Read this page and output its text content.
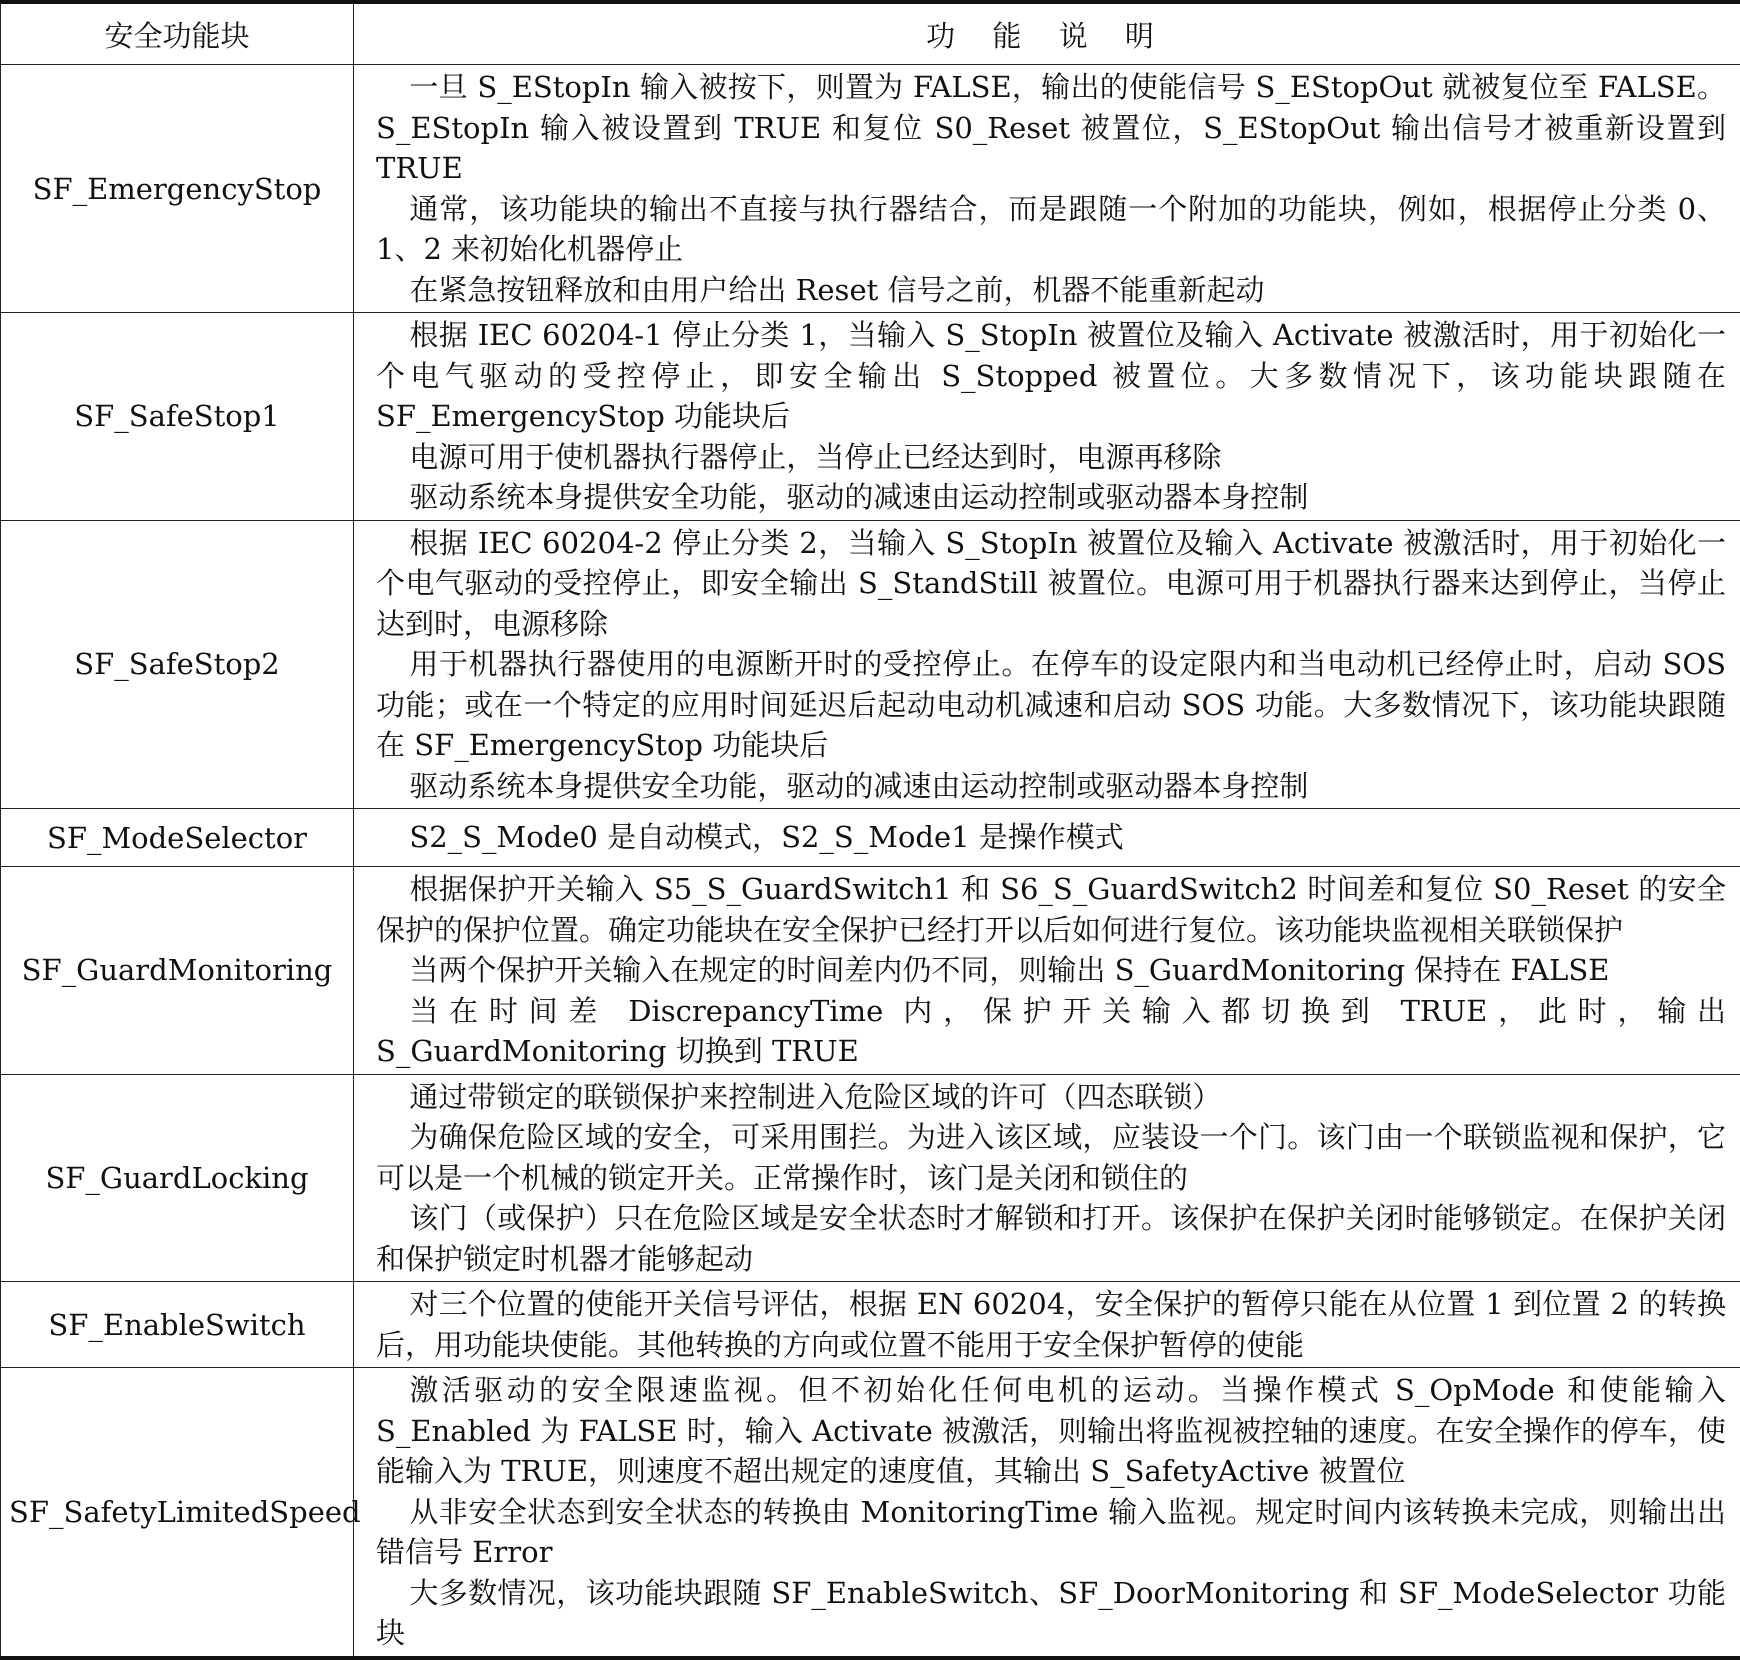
安全功能块	功 能 说 明
SF_EmergencyStop	一旦 S_EStopIn 输入被按下，则置为 FALSE，输出的使能信号 S_EStopOut 就被复位至 FALSE。S_EStopIn 输入被设置到 TRUE 和复位 S0_Reset 被置位，S_EStopOut 输出信号才被重新设置到 TRUE

通常，该功能块的输出不直接与执行器结合，而是跟随一个附加的功能块，例如，根据停止分类 0、1、2 来初始化机器停止

在紧急按钮释放和由用户给出 Reset 信号之前，机器不能重新起动

SF_SafeStop1	根据 IEC 60204-1 停止分类 1，当输入 S_StopIn 被置位及输入 Activate 被激活时，用于初始化一个电气驱动的受控停止，即安全输出 S_Stopped 被置位。大多数情况下，该功能块跟随在 SF_EmergencyStop 功能块后

电源可用于使机器执行器停止，当停止已经达到时，电源再移除

驱动系统本身提供安全功能，驱动的减速由运动控制或驱动器本身控制

SF_SafeStop2	根据 IEC 60204-2 停止分类 2，当输入 S_StopIn 被置位及输入 Activate 被激活时，用于初始化一个电气驱动的受控停止，即安全输出 S_StandStill 被置位。电源可用于机器执行器来达到停止，当停止达到时，电源移除

用于机器执行器使用的电源断开时的受控停止。在停车的设定限内和当电动机已经停止时，启动 SOS 功能；或在一个特定的应用时间延迟后起动电动机减速和启动 SOS 功能。大多数情况下，该功能块跟随在 SF_EmergencyStop 功能块后

驱动系统本身提供安全功能，驱动的减速由运动控制或驱动器本身控制

SF_ModeSelector	S2_S_Mode0 是自动模式，S2_S_Mode1 是操作模式

SF_GuardMonitoring	根据保护开关输入 S5_S_GuardSwitch1 和 S6_S_GuardSwitch2 时间差和复位 S0_Reset 的安全保护的保护位置。确定功能块在安全保护已经打开以后如何进行复位。该功能块监视相关联锁保护

当两个保护开关输入在规定的时间差内仍不同，则输出 S_GuardMonitoring 保持在 FALSE

当在时间差 DiscrepancyTime 内，保护开关输入都切换到 TRUE，此时，输出 S_GuardMonitoring 切换到 TRUE

SF_GuardLocking	通过带锁定的联锁保护来控制进入危险区域的许可（四态联锁）

为确保危险区域的安全，可采用围拦。为进入该区域，应装设一个门。该门由一个联锁监视和保护，它可以是一个机械的锁定开关。正常操作时，该门是关闭和锁住的

该门（或保护）只在危险区域是安全状态时才解锁和打开。该保护在保护关闭时能够锁定。在保护关闭和保护锁定时机器才能够起动

SF_EnableSwitch	对三个位置的使能开关信号评估，根据 EN 60204，安全保护的暂停只能在从位置 1 到位置 2 的转换后，用功能块使能。其他转换的方向或位置不能用于安全保护暂停的使能

SF_SafetyLimitedSpeed	激活驱动的安全限速监视。但不初始化任何电机的运动。当操作模式 S_OpMode 和使能输入 S_Enabled 为 FALSE 时，输入 Activate 被激活，则输出将监视被控轴的速度。在安全操作的停车，使能输入为 TRUE，则速度不超出规定的速度值，其输出 S_SafetyActive 被置位

从非安全状态到安全状态的转换由 MonitoringTime 输入监视。规定时间内该转换未完成，则输出出错信号 Error

大多数情况，该功能块跟随 SF_EnableSwitch、SF_DoorMonitoring 和 SF_ModeSelector 功能块
